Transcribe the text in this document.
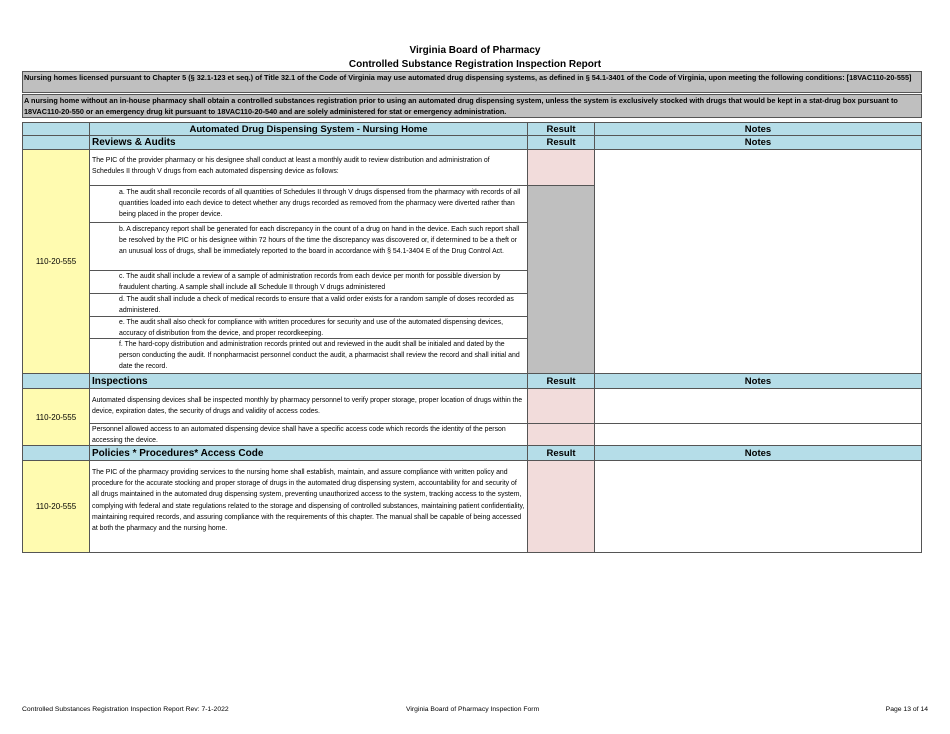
Virginia Board of Pharmacy
Controlled Substance Registration Inspection Report
Nursing homes licensed pursuant to Chapter 5 (§ 32.1-123 et seq.) of Title 32.1 of the Code of Virginia may use automated drug dispensing systems, as defined in § 54.1-3401 of the Code of Virginia, upon meeting the following conditions: [18VAC110-20-555]
A nursing home without an in-house pharmacy shall obtain a controlled substances registration prior to using an automated drug dispensing system, unless the system is exclusively stocked with drugs that would be kept in a stat-drug box pursuant to 18VAC110-20-550 or an emergency drug kit pursuant to 18VAC110-20-540 and are solely administered for stat or emergency administration.
Automated Drug Dispensing System - Nursing Home	Result	Notes
Reviews & Audits	Result	Notes
110-20-555
The PIC of the provider pharmacy or his designee shall conduct at least a monthly audit to review distribution and administration of Schedules II through V drugs from each automated dispensing device as follows:
a. The audit shall reconcile records of all quantities of Schedules II through V drugs dispensed from the pharmacy with records of all quantities loaded into each device to detect whether any drugs recorded as removed from the pharmacy were diverted rather than being placed in the proper device.
b. A discrepancy report shall be generated for each discrepancy in the count of a drug on hand in the device. Each such report shall be resolved by the PIC or his designee within 72 hours of the time the discrepancy was discovered or, if determined to be a theft or an unusual loss of drugs, shall be immediately reported to the board in accordance with § 54.1-3404 E of the Drug Control Act.
c. The audit shall include a review of a sample of administration records from each device per month for possible diversion by fraudulent charting. A sample shall include all Schedule II through V drugs administered
d. The audit shall include a check of medical records to ensure that a valid order exists for a random sample of doses recorded as administered.
e. The audit shall also check for compliance with written procedures for security and use of the automated dispensing devices, accuracy of distribution from the device, and proper recordkeeping.
f. The hard-copy distribution and administration records printed out and reviewed in the audit shall be initialed and dated by the person conducting the audit. If nonpharmacist personnel conduct the audit, a pharmacist shall review the record and shall initial and date the record.
Inspections	Result	Notes
110-20-555
Automated dispensing devices shall be inspected monthly by pharmacy personnel to verify proper storage, proper location of drugs within the device, expiration dates, the security of drugs and validity of access codes.
Personnel allowed access to an automated dispensing device shall have a specific access code which records the identity of the person accessing the device.
Policies * Procedures* Access Code	Result	Notes
110-20-555
The PIC of the pharmacy providing services to the nursing home shall establish, maintain, and assure compliance with written policy and procedure for the accurate stocking and proper storage of drugs in the automated drug dispensing system, accountability for and security of all drugs maintained in the automated drug dispensing system, preventing unauthorized access to the system, tracking access to the system, complying with federal and state regulations related to the storage and dispensing of controlled substances, maintaining patient confidentiality, maintaining required records, and assuring compliance with the requirements of this chapter. The manual shall be capable of being accessed at both the pharmacy and the nursing home.
Controlled Substances Registration Inspection Report Rev: 7-1-2022	Virginia Board of Pharmacy Inspection Form	Page 13 of 14
